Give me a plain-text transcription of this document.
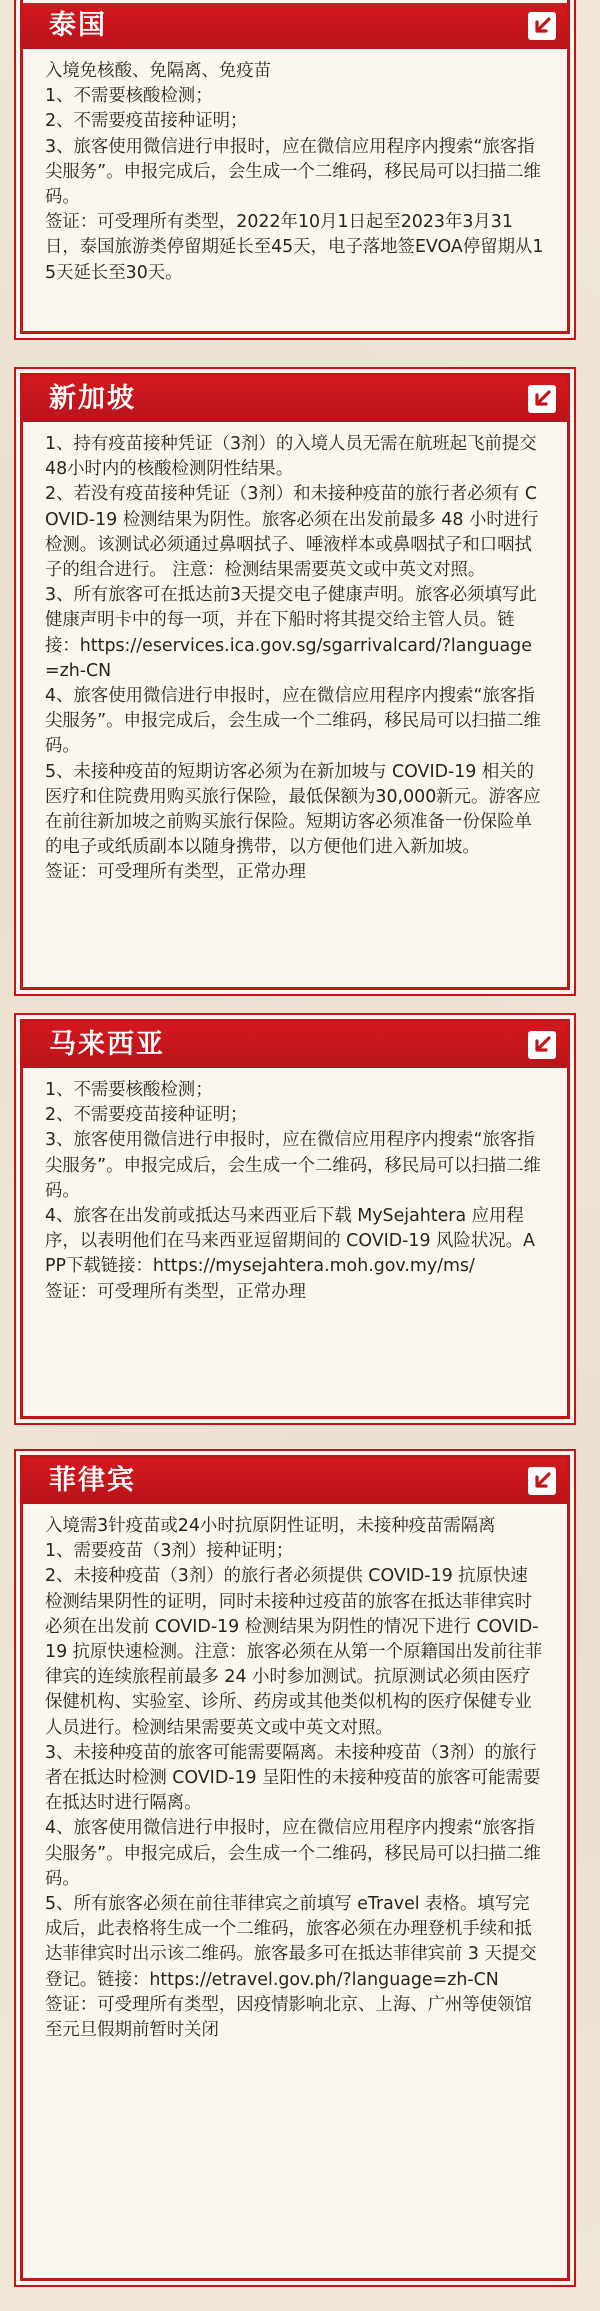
泰国

入境免核酸、免隔离、免疫苗

1、不需要核酸检测；

2、不需要疫苗接种证明；

3、旅客使用微信进行申报时，应在微信应用程序内搜索“旅客指尖服务”。申报完成后，会生成一个二维码，移民局可以扫描二维码。

签证：可受理所有类型，2022年10月1日起至2023年3月31日，泰国旅游类停留期延长至45天，电子落地签EVOA停留期从15天延长至30天。

新加坡

1、持有疫苗接种凭证（3剂）的入境人员无需在航班起飞前提交48小时内的核酸检测阴性结果。

2、若没有疫苗接种凭证（3剂）和未接种疫苗的旅行者必须有 COVID-19 检测结果为阴性。旅客必须在出发前最多 48 小时进行检测。该测试必须通过鼻咽拭子、唾液样本或鼻咽拭子和口咽拭子的组合进行。 注意：检测结果需要英文或中英文对照。

3、所有旅客可在抵达前3天提交电子健康声明。旅客必须填写此健康声明卡中的每一项，并在下船时将其提交给主管人员。链接：https://eservices.ica.gov.sg/sgarrivalcard/?language=zh-CN

4、旅客使用微信进行申报时，应在微信应用程序内搜索“旅客指尖服务”。申报完成后，会生成一个二维码，移民局可以扫描二维码。

5、未接种疫苗的短期访客必须为在新加坡与 COVID-19 相关的医疗和住院费用购买旅行保险，最低保额为30,000新元。游客应在前往新加坡之前购买旅行保险。短期访客必须准备一份保险单的电子或纸质副本以随身携带，以方便他们进入新加坡。

签证：可受理所有类型，正常办理

马来西亚

1、不需要核酸检测；

2、不需要疫苗接种证明；

3、旅客使用微信进行申报时，应在微信应用程序内搜索“旅客指尖服务”。申报完成后，会生成一个二维码，移民局可以扫描二维码。

4、旅客在出发前或抵达马来西亚后下载 MySejahtera 应用程序，以表明他们在马来西亚逗留期间的 COVID-19 风险状况。APP下载链接：https://mysejahtera.moh.gov.my/ms/

签证：可受理所有类型，正常办理

菲律宾

入境需3针疫苗或24小时抗原阴性证明，未接种疫苗需隔离

1、需要疫苗（3剂）接种证明；

2、未接种疫苗（3剂）的旅行者必须提供 COVID-19 抗原快速检测结果阴性的证明，同时未接种过疫苗的旅客在抵达菲律宾时必须在出发前 COVID-19 检测结果为阴性的情况下进行 COVID-19 抗原快速检测。注意：旅客必须在从第一个原籍国出发前往菲律宾的连续旅程前最多 24 小时参加测试。抗原测试必须由医疗保健机构、实验室、诊所、药房或其他类似机构的医疗保健专业人员进行。检测结果需要英文或中英文对照。

3、未接种疫苗的旅客可能需要隔离。未接种疫苗（3剂）的旅行者在抵达时检测 COVID-19 呈阳性的未接种疫苗的旅客可能需要在抵达时进行隔离。

4、旅客使用微信进行申报时，应在微信应用程序内搜索“旅客指尖服务”。申报完成后，会生成一个二维码，移民局可以扫描二维码。

5、所有旅客必须在前往菲律宾之前填写 eTravel 表格。填写完成后，此表格将生成一个二维码，旅客必须在办理登机手续和抵达菲律宾时出示该二维码。旅客最多可在抵达菲律宾前 3 天提交登记。链接：https://etravel.gov.ph/?language=zh-CN

签证：可受理所有类型，因疫情影响北京、上海、广州等使领馆至元旦假期前暂时关闭
